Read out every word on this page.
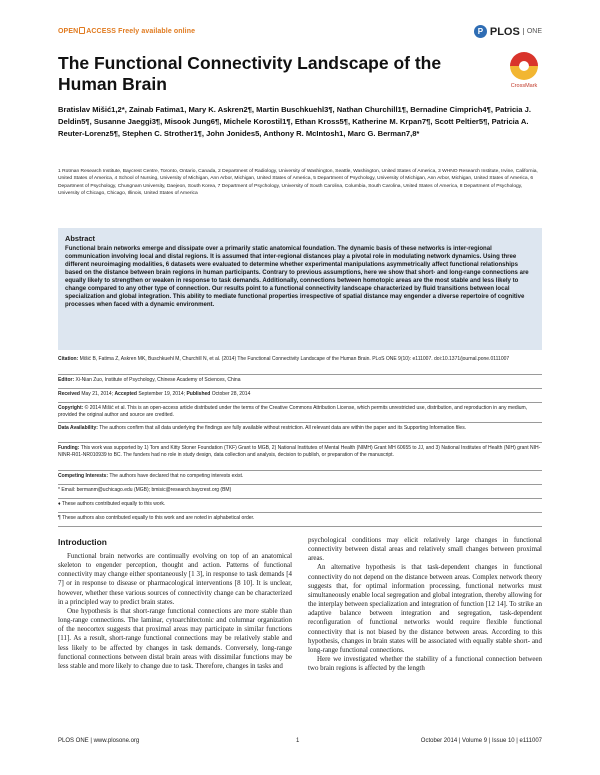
OPEN ACCESS Freely available online	P PLOS	ONE
The Functional Connectivity Landscape of the Human Brain	CrossMark
Bratislav Mišić1,2*, Zainab Fatima1, Mary K. Askren2¶, Martin Buschkuehl3¶, Nathan Churchill1¶, Bernadine Cimprich4¶, Patricia J. Deldin5¶, Susanne Jaeggi3¶, Misook Jung6¶, Michele Korostil1¶, Ethan Kross5¶, Katherine M. Krpan7¶, Scott Peltier5¶, Patricia A. Reuter-Lorenz5¶, Stephen C. Strother1¶, John Jonides5, Anthony R. McIntosh1, Marc G. Berman7,8*

1 Rotman Research Institute, Baycrest Centre, Toronto, Ontario, Canada, 2 Department of Radiology, University of Washington, Seattle, Washington, United States of America, 3 WHNO Research Institute, Irvine, California, United States of America, 4 School of Nursing, University of Michigan, Ann Arbor, Michigan, United States of America, 5 Department of Psychology, University of Michigan, Ann Arbor, Michigan, United States of America, 6 Department of Psychology, Chungnam University, Daejeon, South Korea, 7 Department of Psychology, University of South Carolina, Columbia, South Carolina, United States of America, 8 Department of Psychology, University of Chicago, Chicago, Illinois, United States of America

Abstract

Functional brain networks emerge and dissipate over a primarily static anatomical foundation. The dynamic basis of these networks is inter-regional communication involving local and distal regions. It is assumed that inter-regional distances play a pivotal role in modulating network dynamics. Using three different neuroimaging modalities, 6 datasets were evaluated to determine whether experimental manipulations asymmetrically affect functional relationships based on the distance between brain regions in human participants. Contrary to previous assumptions, here we show that short- and long-range connections are equally likely to strengthen or weaken in response to task demands. Additionally, connections between homotopic areas are the most stable and less likely to change compared to any other type of connection. Our results point to a functional connectivity landscape characterized by fluid transitions between local specialization and global integration. This ability to mediate functional properties irrespective of spatial distance may engender a diverse repertoire of cognitive processes when faced with a dynamic environment.

Citation: Mišić B, Fatima Z, Askren MK, Buschkuehl M, Churchill N, et al. (2014) The Functional Connectivity Landscape of the Human Brain. PLoS ONE 9(10): e111007. doi:10.1371/journal.pone.0111007
Editor: Xi-Nian Zuo, Institute of Psychology, Chinese Academy of Sciences, China
Received May 21, 2014; Accepted September 19, 2014; Published October 28, 2014
Copyright: © 2014 Mišić et al. This is an open-access article distributed under the terms of the Creative Commons Attribution License, which permits unrestricted use, distribution, and reproduction in any medium, provided the original author and source are credited.
Data Availability: The authors confirm that all data underlying the findings are fully available without restriction. All relevant data are within the paper and its Supporting Information files.
Funding: This work was supported by 1) Tom and Kitty Stoner Foundation (TKF) Grant to MGB, 2) National Institutes of Mental Health (NIMH) Grant MH 60655 to JJ, and 3) National Institutes of Health (NIH) grant NIH-NINR-R01-NR010939 to BC. The funders had no role in study design, data collection and analysis, decision to publish, or preparation of the manuscript.
Competing Interests: The authors have declared that no competing interests exist.
* Email: bermanm@uchicago.edu (MGB); bmisic@research.baycrest.org (BM)
♦ These authors contributed equally to this work.
¶ These authors also contributed equally to this work and are noted in alphabetical order.
Introduction

Functional brain networks are continually evolving on top of an anatomical skeleton to engender perception, thought and action. Patterns of functional connectivity may change either spontaneously [1 3], in response to task demands [4 7] or in response to disease or pharmacological interventions [8 10]. It is unclear, however, whether these various sources of connectivity change can be characterized in a principled way to predict brain states.

One hypothesis is that short-range functional connections are more stable than long-range connections. The laminar, cytoarchitectonic and columnar organization of the neocortex suggests that proximal areas may participate in similar functions [11]. As a result, short-range functional connections may be relatively stable and less likely to be affected by changes in task demands. Conversely, long-range functional connections between distal brain areas with dissimilar functions may be less stable and more likely to change due to task. Therefore, changes in tasks and

psychological conditions may elicit relatively large changes in functional connectivity between distal areas and relatively small changes between proximal areas.

An alternative hypothesis is that task-dependent changes in functional connectivity do not depend on the distance between areas. Complex network theory suggests that, for optimal information processing, functional networks must simultaneously enable local segregation and global integration, thereby allowing for the interplay between specialization and integration of function [12 14]. To strike an adaptive balance between integration and segregation, task-dependent reconfiguration of functional networks would require flexible functional connectivity that is not biased by the distance between areas. According to this hypothesis, changes in brain states will be associated with equally stable short- and long-range functional connections.

Here we investigated whether the stability of a functional connection between two brain regions is affected by the length

PLOS ONE | www.plosone.org	1	October 2014 | Volume 9 | Issue 10 | e111007
